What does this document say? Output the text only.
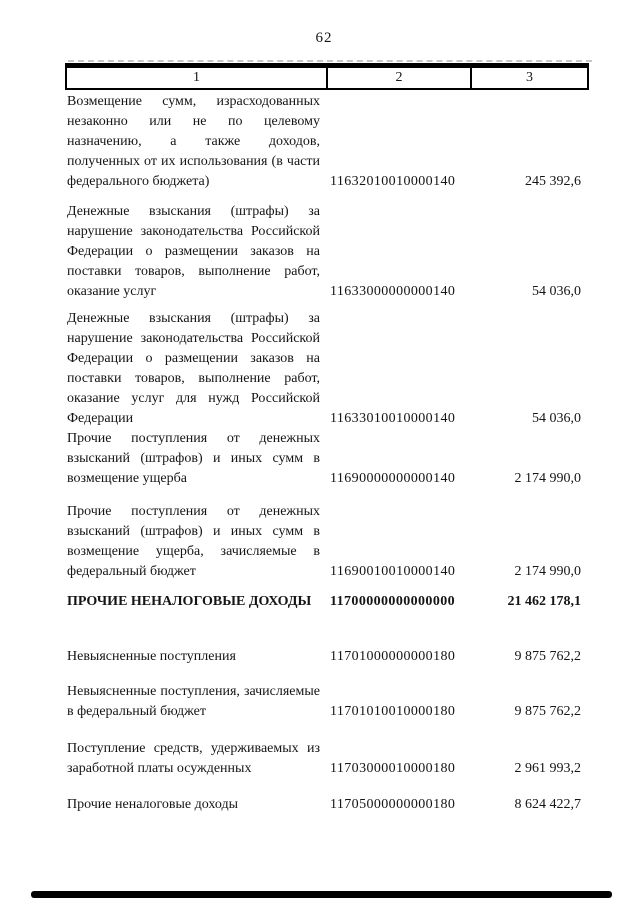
62
1	2	3
Возмещение сумм, израсходованных незаконно или не по целевому назначению, а также доходов, полученных от их использования (в части федерального бюджета)	11632010010000140	245 392,6
Денежные взыскания (штрафы) за нарушение законодательства Российской Федерации о размещении заказов на поставки товаров, выполнение работ, оказание услуг	11633000000000140	54 036,0
Денежные взыскания (штрафы) за нарушение законодательства Российской Федерации о размещении заказов на поставки товаров, выполнение работ, оказание услуг для нужд Российской Федерации	11633010010000140	54 036,0
Прочие поступления от денежных взысканий (штрафов) и иных сумм в возмещение ущерба	11690000000000140	2 174 990,0
Прочие поступления от денежных взысканий (штрафов) и иных сумм в возмещение ущерба, зачисляемые в федеральный бюджет	11690010010000140	2 174 990,0
ПРОЧИЕ НЕНАЛОГОВЫЕ ДОХОДЫ	11700000000000000	21 462 178,1
Невыясненные поступления	11701000000000180	9 875 762,2
Невыясненные поступления, зачисляемые в федеральный бюджет	11701010010000180	9 875 762,2
Поступление средств, удерживаемых из заработной платы осужденных	11703000010000180	2 961 993,2
Прочие неналоговые доходы	11705000000000180	8 624 422,7
